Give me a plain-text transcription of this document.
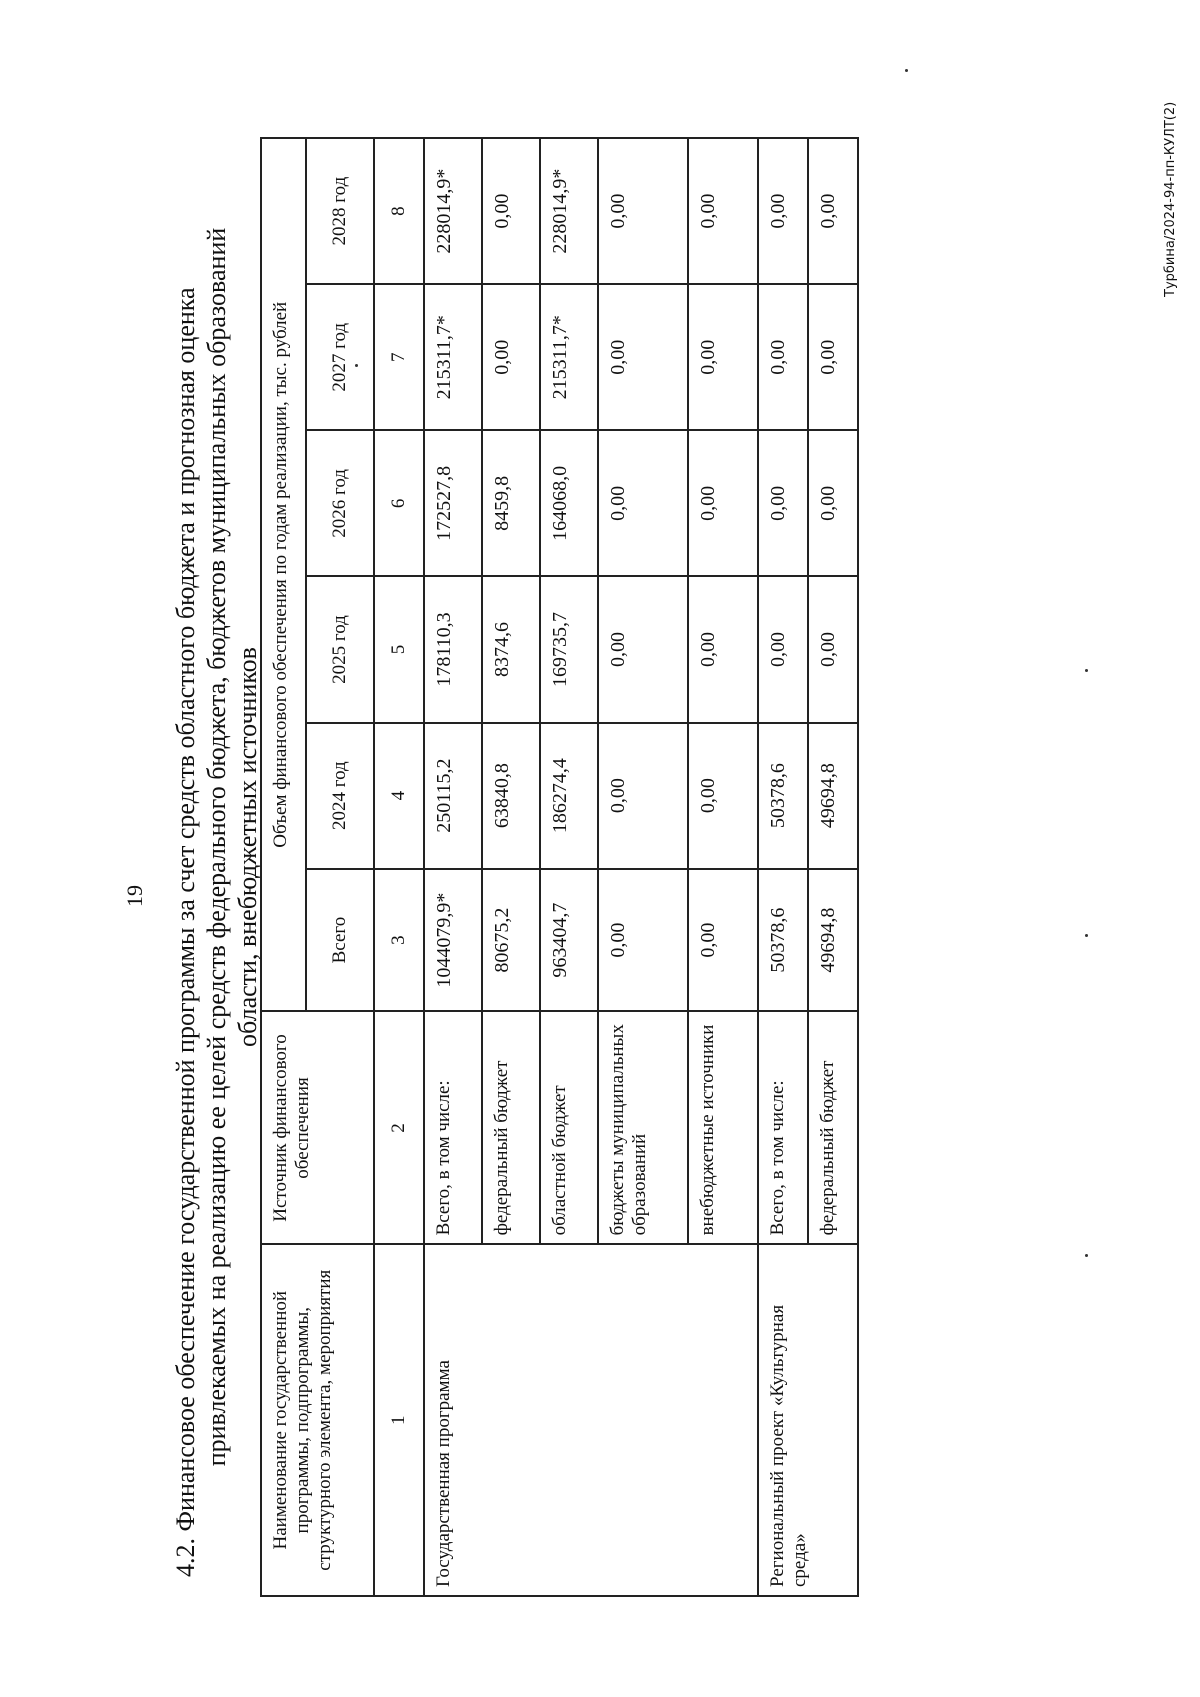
19 4.2. Финансовое обеспечение государственной программы за счет средств областного бюджета и прогнозная оценка привлекаемых на реализацию ее целей средств федерального бюджета, бюджетов муниципальных образований области, внебюджетных источников
Наименование государственной программы, подпрограммы, структурного элемента, мероприятия	Источник финансового обеспечения	Объем финансового обеспечения по годам реализации, тыс. рублей					
		Всего	2024 год	2025 год	2026 год	2027 год	2028 год
1	2	3	4	5	6	7	8
Государственная программа	Всего, в том числе:	1044079,9*	250115,2	178110,3	172527,8	215311,7*	228014,9*
	федеральный бюджет	80675,2	63840,8	8374,6	8459,8	0,00	0,00
	областной бюджет	963404,7	186274,4	169735,7	164068,0	215311,7*	228014,9*
	бюджеты муниципальных образований	0,00	0,00	0,00	0,00	0,00	0,00
	внебюджетные источники	0,00	0,00	0,00	0,00	0,00	0,00
Региональный проект «Культурная среда»	Всего, в том числе:	50378,6	50378,6	0,00	0,00	0,00	0,00
	федеральный бюджет	49694,8	49694,8	0,00	0,00	0,00	0,00	Турбина/2024-94-пп-КУЛТ(2)
